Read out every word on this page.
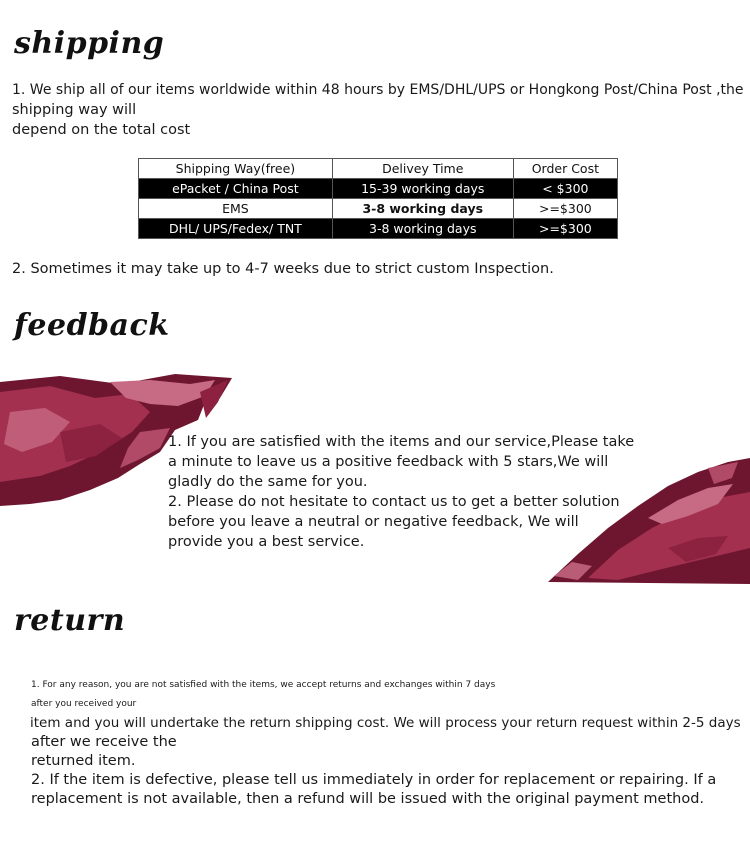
shipping
1. We ship all of our items worldwide within 48 hours by EMS/DHL/UPS or Hongkong Post/China Post ,the
shipping way will
depend on the total cost
Shipping Way(free)	Delivey Time	Order Cost
ePacket / China Post	15-39 working days	< $300
EMS	3-8 working days	>=$300
DHL/ UPS/Fedex/ TNT	3-8 working days	>=$300
2. Sometimes it may take up to 4-7 weeks due to strict custom Inspection.
feedback
1. If you are satisfied with the items and our service,Please take
a minute to leave us a positive feedback with 5 stars,We will
gladly do the same for you.
2. Please do not hesitate to contact us to get a better solution
before you leave a neutral or negative feedback, We will
provide you a best service.
return
1. For any reason, you are not satisfied with the items, we accept returns and exchanges within 7 days
after you received your
item and you will undertake the return shipping cost. We will process your return request within 2-5 days
after we receive the
returned item.
2. If the item is defective, please tell us immediately in order for replacement or repairing. If a
replacement is not available, then a refund will be issued with the original payment method.
